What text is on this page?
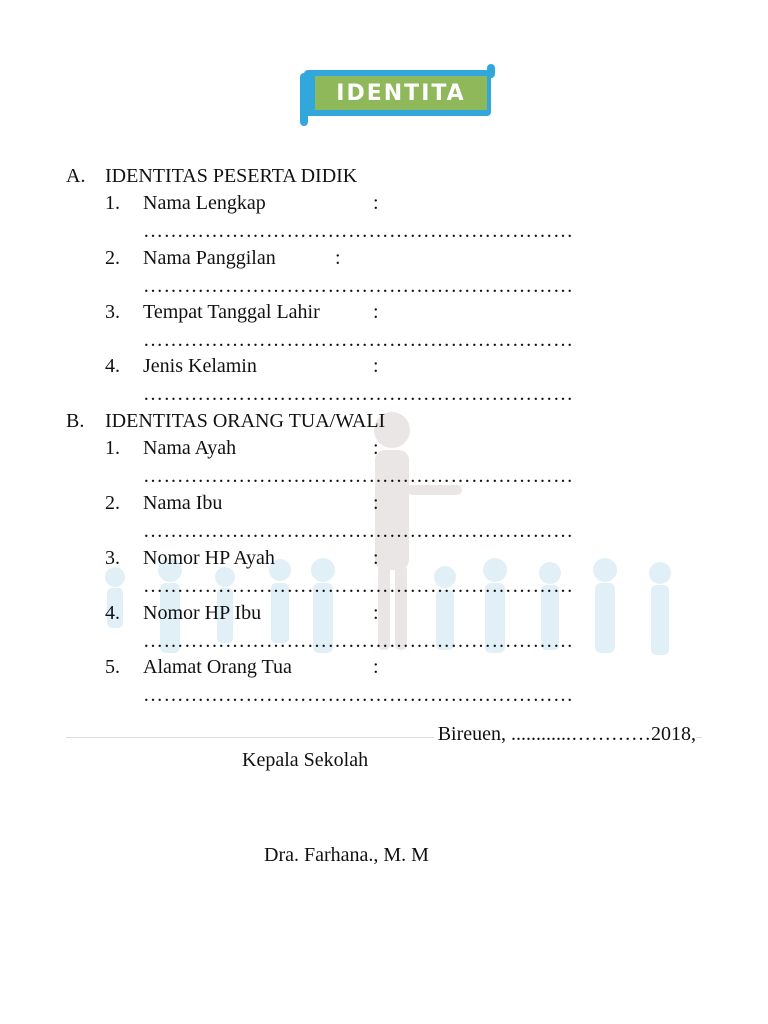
IDENTITA
A. IDENTITAS PESERTA DIDIK
1. Nama Lengkap	:
………………………………………………………
2. Nama Panggilan	:
………………………………………………………
3. Tempat Tanggal Lahir	:
………………………………………………………
4. Jenis Kelamin	:
………………………………………………………
B. IDENTITAS ORANG TUA/WALI
1. Nama Ayah	:
………………………………………………………
2. Nama Ibu	:
………………………………………………………
3. Nomor HP Ayah	:
………………………………………………………
4. Nomor HP Ibu	:
………………………………………………………
5. Alamat Orang Tua	:
………………………………………………………
Bireuen, ............…………2018,
Kepala Sekolah
Dra. Farhana., M. M
